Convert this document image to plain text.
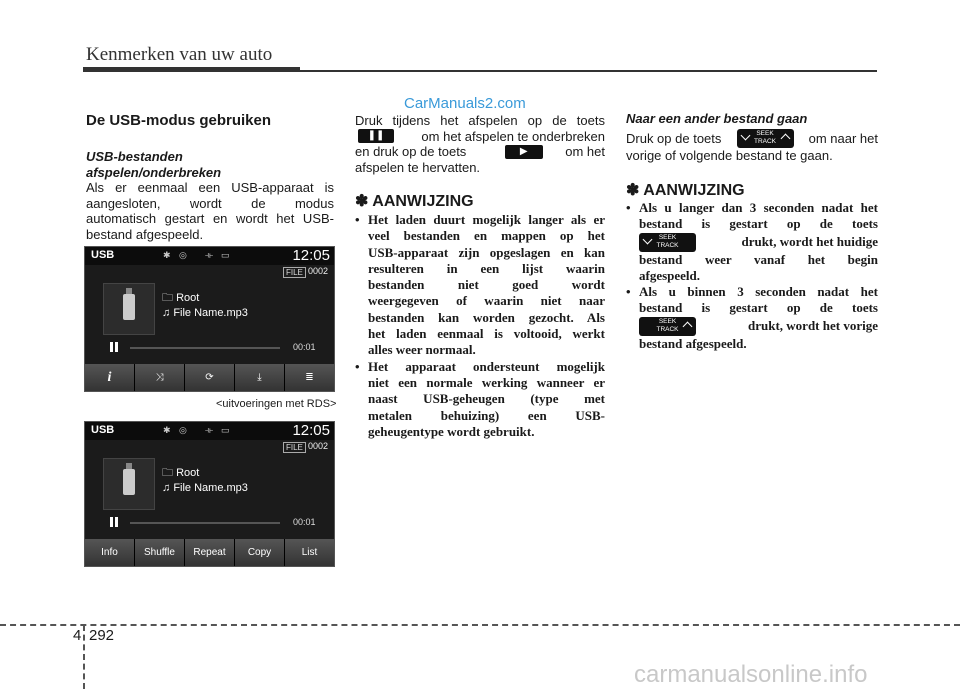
Kenmerken van uw auto
CarManuals2.com
De USB-modus gebruiken
USB-bestanden
afspelen/onderbreken
Als er eenmaal een USB-apparaat is
aangesloten, wordt de modus
automatisch gestart en wordt het USB-
bestand afgespeeld.
USB	✱ ◎ ⟛ ▭	12:05
FILE 0002
🗀 Root
♫ File Name.mp3
00:01
i	⤨	⟳	⤓	≣
<uitvoeringen met RDS>
USB	✱ ◎ ⟛ ▭	12:05
FILE 0002
🗀 Root
♫ File Name.mp3
00:01
Info	Shuffle	Repeat	Copy	List
Druk tijdens het afspelen op de toets
❚❚	om het afspelen te onderbreken
en druk op de toets	▶	om het
afspelen te hervatten.
✽ AANWIJZING
• Het laden duurt mogelijk langer als er
veel bestanden en mappen op het
USB-apparaat zijn opgeslagen en kan
resulteren in een lijst waarin
bestanden niet goed wordt
weergegeven of waarin niet naar
bestanden kan worden gezocht. Als
het laden eenmaal is voltooid, werkt
alles weer normaal.
• Het apparaat ondersteunt mogelijk
niet een normale werking wanneer er
naast USB-geheugen (type met
metalen behuizing) een USB-
geheugentype wordt gebruikt.
Naar een ander bestand gaan
Druk op de toets	SEEK
TRACK	om naar het
vorige of volgende bestand te gaan.
✽ AANWIJZING
• Als u langer dan 3 seconden nadat het
bestand is gestart op de toets
SEEK
TRACK	drukt, wordt het huidige
bestand weer vanaf het begin
afgespeeld.
• Als u binnen 3 seconden nadat het
bestand is gestart op de toets
SEEK
TRACK	drukt, wordt het vorige
bestand afgespeeld.
4 292
carmanualsonline.info
